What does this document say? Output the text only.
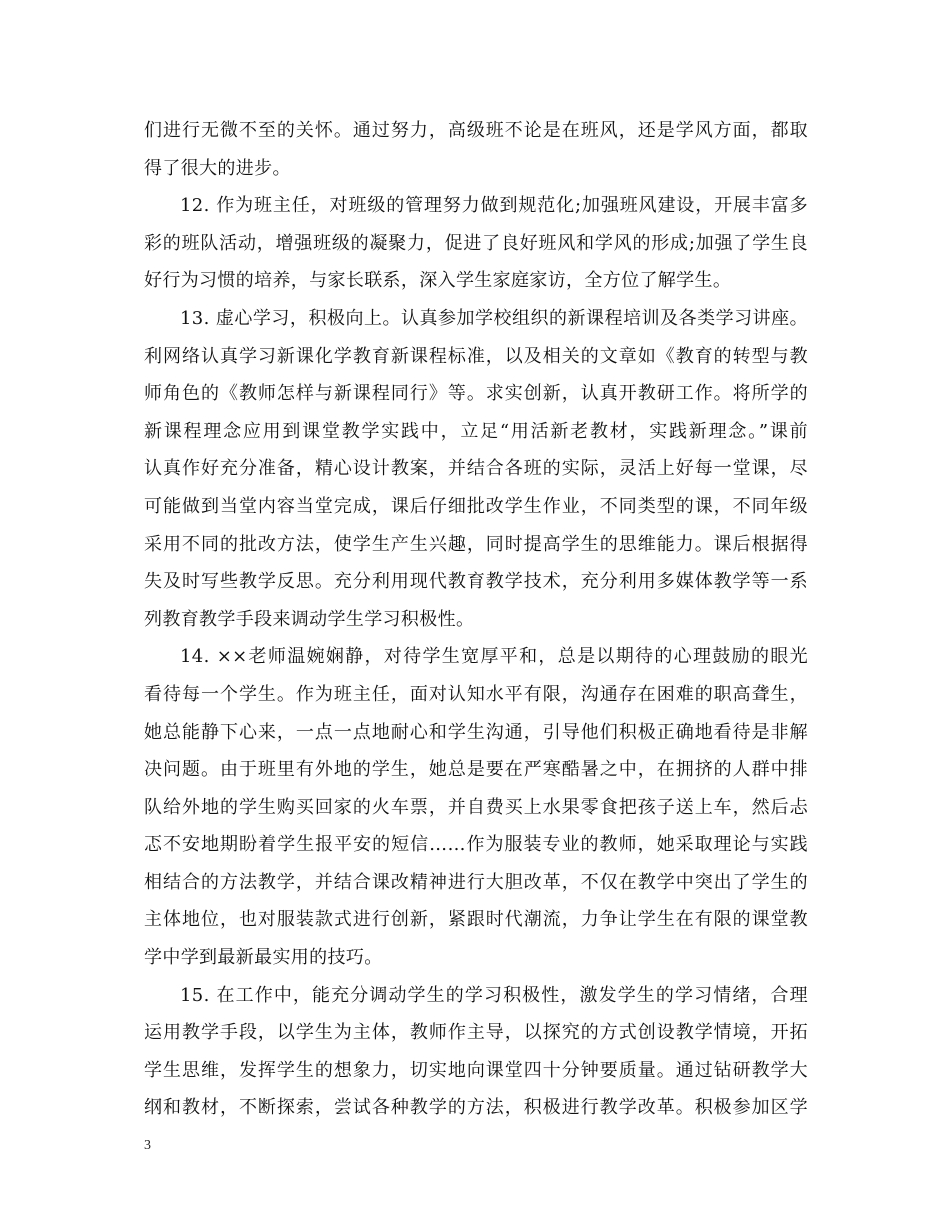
们进行无微不至的关怀。通过努力，高级班不论是在班风，还是学风方面，都取
得了很大的进步。
12. 作为班主任，对班级的管理努力做到规范化;加强班风建设，开展丰富多
彩的班队活动，增强班级的凝聚力，促进了良好班风和学风的形成;加强了学生良
好行为习惯的培养，与家长联系，深入学生家庭家访，全方位了解学生。
13. 虚心学习，积极向上。认真参加学校组织的新课程培训及各类学习讲座。
利网络认真学习新课化学教育新课程标准，以及相关的文章如《教育的转型与教
师角色的《教师怎样与新课程同行》等。求实创新，认真开教研工作。将所学的
新课程理念应用到课堂教学实践中，立足“用活新老教材，实践新理念。”课前
认真作好充分准备，精心设计教案，并结合各班的实际，灵活上好每一堂课，尽
可能做到当堂内容当堂完成，课后仔细批改学生作业，不同类型的课，不同年级
采用不同的批改方法，使学生产生兴趣，同时提高学生的思维能力。课后根据得
失及时写些教学反思。充分利用现代教育教学技术，充分利用多媒体教学等一系
列教育教学手段来调动学生学习积极性。
14. ××老师温婉娴静，对待学生宽厚平和，总是以期待的心理鼓励的眼光
看待每一个学生。作为班主任，面对认知水平有限，沟通存在困难的职高聋生，
她总能静下心来，一点一点地耐心和学生沟通，引导他们积极正确地看待是非解
决问题。由于班里有外地的学生，她总是要在严寒酷暑之中，在拥挤的人群中排
队给外地的学生购买回家的火车票，并自费买上水果零食把孩子送上车，然后忐
忑不安地期盼着学生报平安的短信……作为服装专业的教师，她采取理论与实践
相结合的方法教学，并结合课改精神进行大胆改革，不仅在教学中突出了学生的
主体地位，也对服装款式进行创新，紧跟时代潮流，力争让学生在有限的课堂教
学中学到最新最实用的技巧。
15. 在工作中，能充分调动学生的学习积极性，激发学生的学习情绪，合理
运用教学手段，以学生为主体，教师作主导，以探究的方式创设教学情境，开拓
学生思维，发挥学生的想象力，切实地向课堂四十分钟要质量。通过钻研教学大
纲和教材，不断探索，尝试各种教学的方法，积极进行教学改革。积极参加区学
3
